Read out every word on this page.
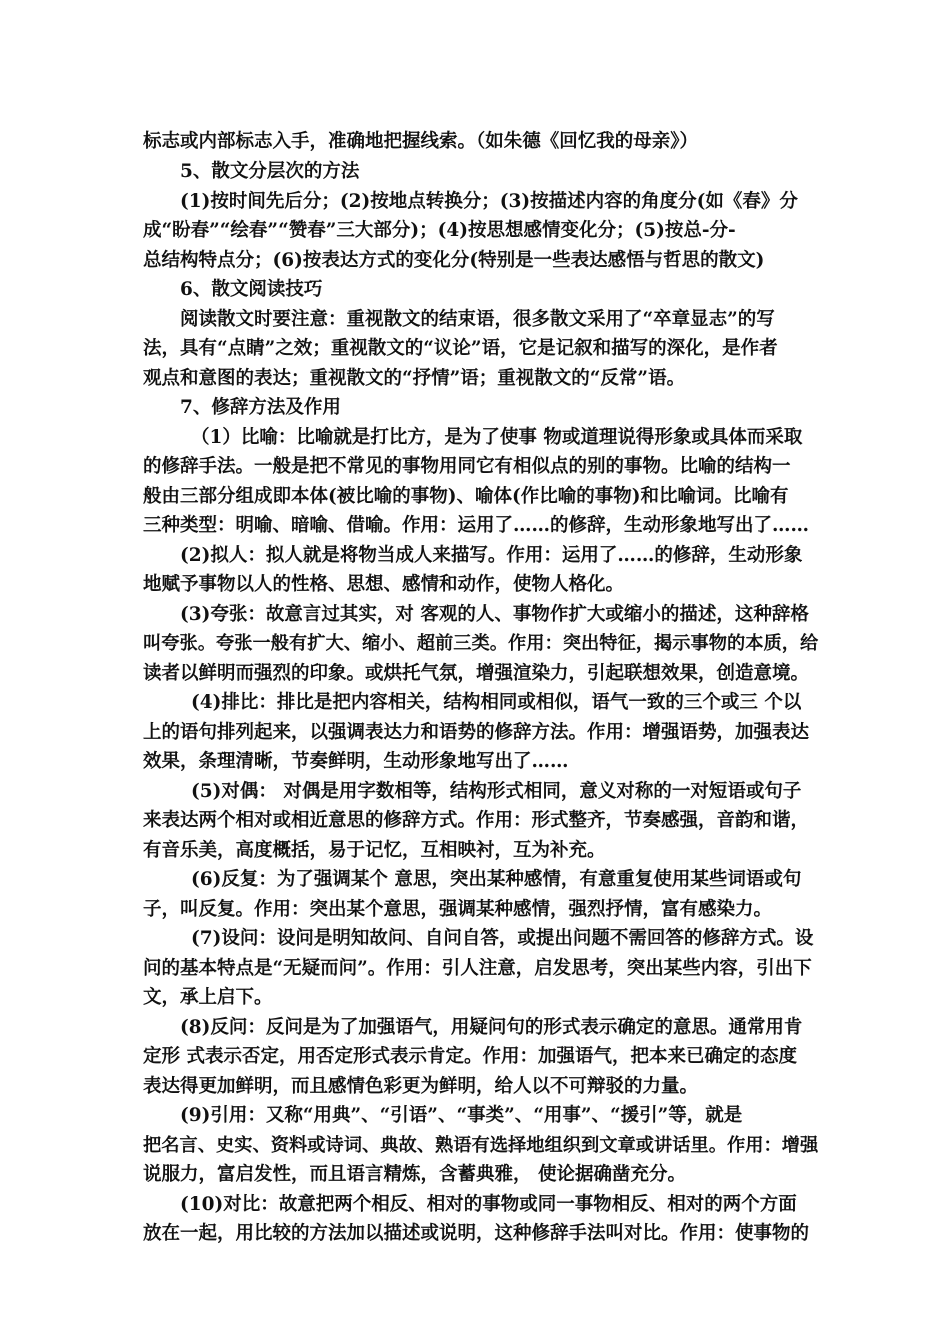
标志或内部标志入手，准确地把握线索。（如朱德《回忆我的母亲》）
5、散文分层次的方法
(1)按时间先后分；(2)按地点转换分；(3)按描述内容的角度分(如《春》分
成“盼春”“绘春”“赞春”三大部分)；(4)按思想感情变化分；(5)按总-分-
总结构特点分；(6)按表达方式的变化分(特别是一些表达感悟与哲思的散文)
6、散文阅读技巧
阅读散文时要注意：重视散文的结束语，很多散文采用了“卒章显志”的写
法，具有“点睛”之效；重视散文的“议论”语，它是记叙和描写的深化，是作者
观点和意图的表达；重视散文的“抒情”语；重视散文的“反常”语。
7、修辞方法及作用
（1）比喻：比喻就是打比方，是为了使事 物或道理说得形象或具体而采取
的修辞手法。一般是把不常见的事物用同它有相似点的别的事物。比喻的结构一
般由三部分组成即本体(被比喻的事物)、喻体(作比喻的事物)和比喻词。比喻有
三种类型：明喻、暗喻、借喻。作用：运用了……的修辞，生动形象地写出了……
(2)拟人：拟人就是将物当成人来描写。作用：运用了……的修辞，生动形象
地赋予事物以人的性格、思想、感情和动作，使物人格化。
(3)夸张：故意言过其实，对 客观的人、事物作扩大或缩小的描述，这种辞格
叫夸张。夸张一般有扩大、缩小、超前三类。作用：突出特征，揭示事物的本质，给
读者以鲜明而强烈的印象。或烘托气氛，增强渲染力，引起联想效果，创造意境。
(4)排比：排比是把内容相关，结构相同或相似，语气一致的三个或三 个以
上的语句排列起来，以强调表达力和语势的修辞方法。作用：增强语势，加强表达
效果，条理清晰，节奏鲜明，生动形象地写出了……
(5)对偶： 对偶是用字数相等，结构形式相同，意义对称的一对短语或句子
来表达两个相对或相近意思的修辞方式。作用：形式整齐，节奏感强，音韵和谐，
有音乐美，高度概括，易于记忆，互相映衬，互为补充。
(6)反复：为了强调某个 意思，突出某种感情，有意重复使用某些词语或句
子，叫反复。作用：突出某个意思，强调某种感情，强烈抒情，富有感染力。
(7)设问：设问是明知故问、自问自答，或提出问题不需回答的修辞方式。设
问的基本特点是“无疑而问”。作用：引人注意，启发思考，突出某些内容，引出下
文，承上启下。
(8)反问：反问是为了加强语气，用疑问句的形式表示确定的意思。通常用肯
定形 式表示否定，用否定形式表示肯定。作用：加强语气，把本来已确定的态度
表达得更加鲜明，而且感情色彩更为鲜明，给人以不可辩驳的力量。
(9)引用：又称“用典”、“引语”、“事类”、“用事”、“援引”等，就是
把名言、史实、资料或诗词、典故、熟语有选择地组织到文章或讲话里。作用：增强
说服力，富启发性，而且语言精炼，含蓄典雅， 使论据确凿充分。
(10)对比：故意把两个相反、相对的事物或同一事物相反、相对的两个方面
放在一起，用比较的方法加以描述或说明，这种修辞手法叫对比。作用：使事物的
